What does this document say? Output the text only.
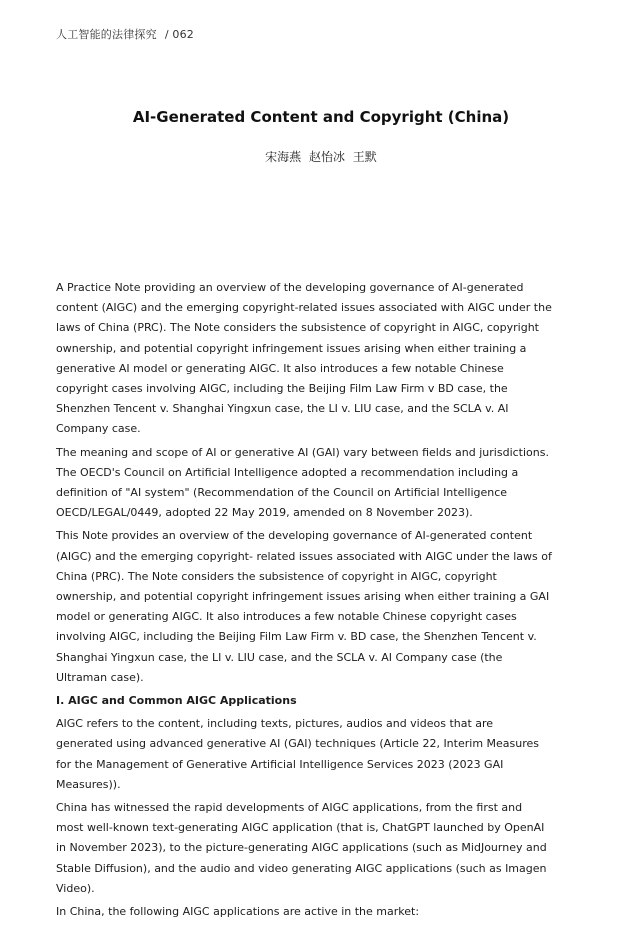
人工智能的法律探究 / 062
AI-Generated Content and Copyright (China)
宋海燕 赵怡冰 王默

A Practice Note providing an overview of the developing governance of AI-generated content (AIGC) and the emerging copyright-related issues associated with AIGC under the laws of China (PRC). The Note considers the subsistence of copyright in AIGC, copyright ownership, and potential copyright infringement issues arising when either training a generative AI model or generating AIGC. It also introduces a few notable Chinese copyright cases involving AIGC, including the Beijing Film Law Firm v BD case, the Shenzhen Tencent v. Shanghai Yingxun case, the LI v. LIU case, and the SCLA v. AI Company case.

The meaning and scope of AI or generative AI (GAI) vary between fields and jurisdictions. The OECD's Council on Artificial Intelligence adopted a recommendation including a definition of "AI system" (Recommendation of the Council on Artificial Intelligence OECD/LEGAL/0449, adopted 22 May 2019, amended on 8 November 2023).

This Note provides an overview of the developing governance of AI-generated content (AIGC) and the emerging copyright- related issues associated with AIGC under the laws of China (PRC). The Note considers the subsistence of copyright in AIGC, copyright ownership, and potential copyright infringement issues arising when either training a GAI model or generating AIGC. It also introduces a few notable Chinese copyright cases involving AIGC, including the Beijing Film Law Firm v. BD case, the Shenzhen Tencent v. Shanghai Yingxun case, the LI v. LIU case, and the SCLA v. AI Company case (the Ultraman case).

I. AIGC and Common AIGC Applications

AIGC refers to the content, including texts, pictures, audios and videos that are generated using advanced generative AI (GAI) techniques (Article 22, Interim Measures for the Management of Generative Artificial Intelligence Services 2023 (2023 GAI Measures)).

China has witnessed the rapid developments of AIGC applications, from the first and most well-known text-generating AIGC application (that is, ChatGPT launched by OpenAI in November 2023), to the picture-generating AIGC applications (such as MidJourney and Stable Diffusion), and the audio and video generating AIGC applications (such as Imagen Video).

In China, the following AIGC applications are active in the market:
